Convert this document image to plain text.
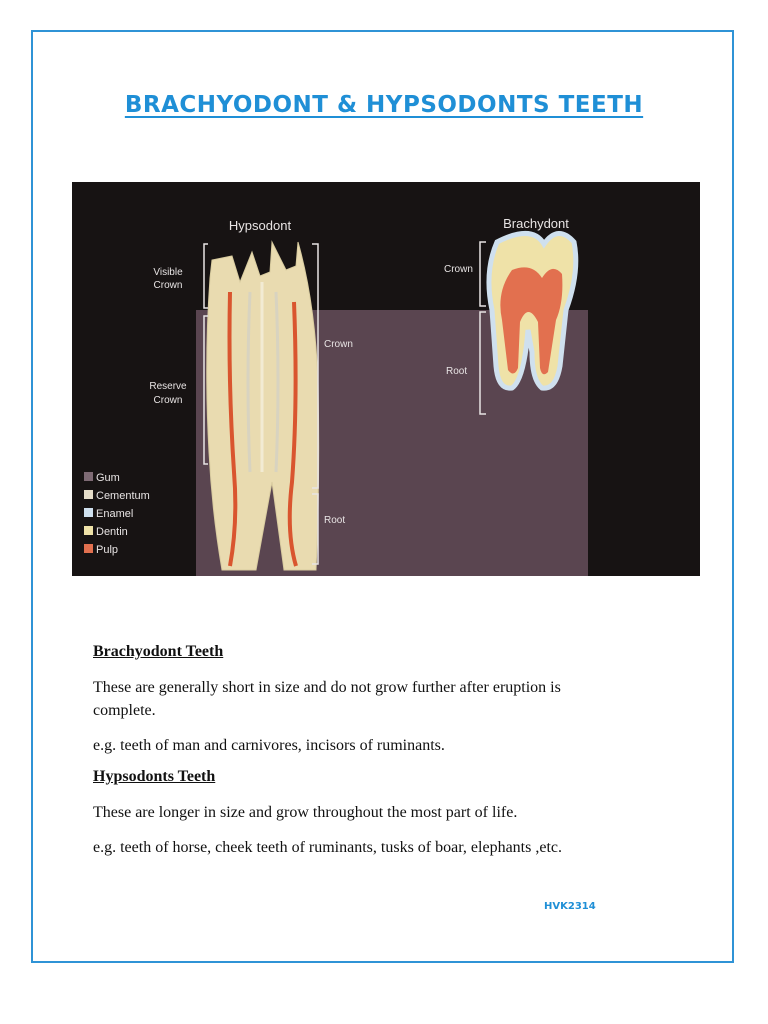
BRACHYODONT & HYPSODONTS TEETH
Hypsodont	Brachydont
Visible
Crown
Reserve
Crown
Crown
Root
Crown
Root
Gum
Cementum
Enamel
Dentin
Pulp
Brachyodont Teeth
These are generally short in size and do not grow further after eruption is
complete.
e.g. teeth of man and carnivores, incisors of ruminants.
Hypsodonts Teeth
These are longer in size and grow throughout the most part of life.
e.g. teeth of horse, cheek teeth of ruminants, tusks of boar, elephants ,etc.
HVK2314
